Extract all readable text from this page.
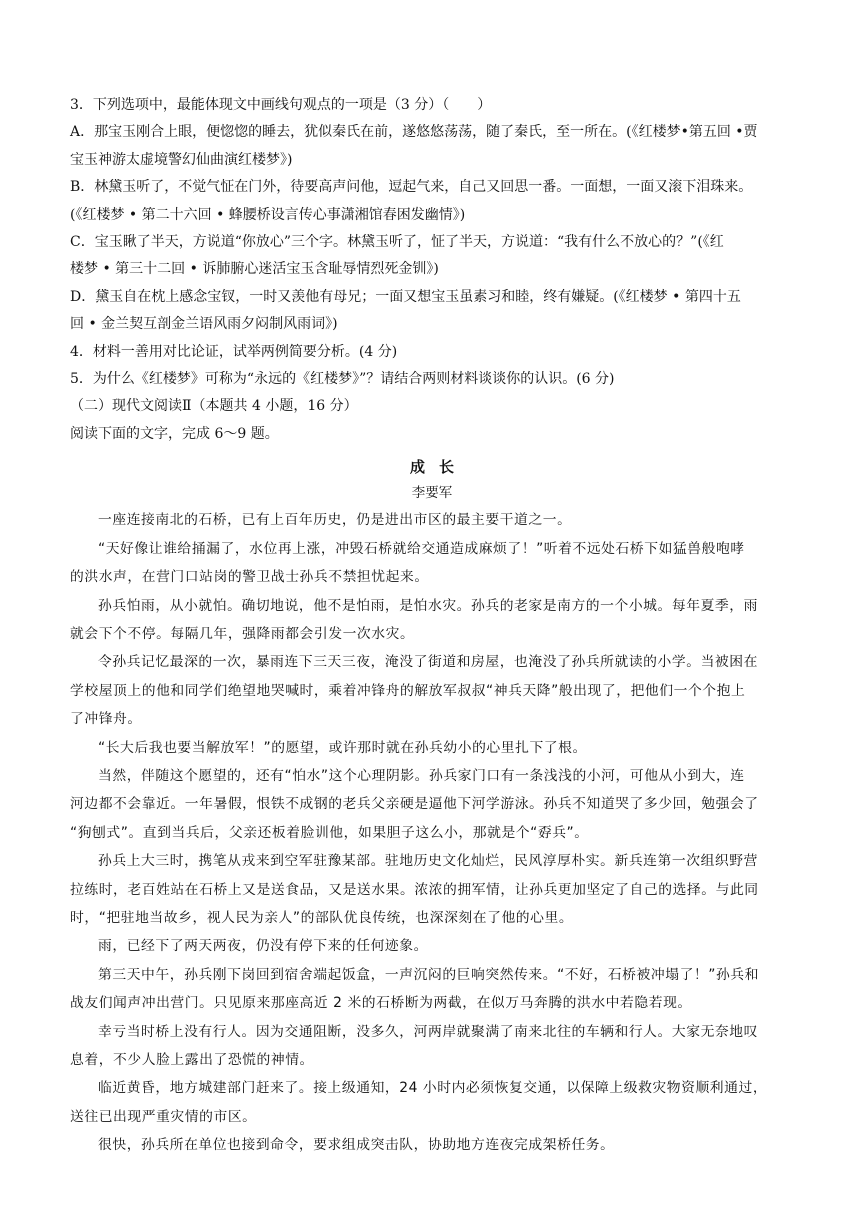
3．下列选项中，最能体现文中画线句观点的一项是（3 分）（　　）

A．那宝玉刚合上眼，便惚惚的睡去，犹似秦氏在前，遂悠悠荡荡，随了秦氏，至一所在。(《红楼梦•第五回 •贾

宝玉神游太虚境警幻仙曲演红楼梦》)

B．林黛玉听了，不觉气怔在门外，待要高声问他，逗起气来，自己又回思一番。一面想，一面又滚下泪珠来。

(《红楼梦 • 第二十六回 • 蜂腰桥设言传心事潇湘馆春困发幽情》)

C．宝玉瞅了半天，方说道“你放心”三个字。林黛玉听了，怔了半天，方说道：“我有什么不放心的？”(《红

楼梦 • 第三十二回 • 诉肺腑心迷活宝玉含耻辱情烈死金钏》)

D．黛玉自在枕上感念宝钗，一时又羡他有母兄；一面又想宝玉虽素习和睦，终有嫌疑。(《红楼梦 • 第四十五

回 • 金兰契互剖金兰语风雨夕闷制风雨词》)

4．材料一善用对比论证，试举两例简要分析。(4 分)

5．为什么《红楼梦》可称为“永远的《红楼梦》”？请结合两则材料谈谈你的认识。(6 分)

（二）现代文阅读Ⅱ（本题共 4 小题，16 分）

阅读下面的文字，完成 6～9 题。

成长

李要军

一座连接南北的石桥，已有上百年历史，仍是进出市区的最主要干道之一。

“天好像让谁给捅漏了，水位再上涨，冲毁石桥就给交通造成麻烦了！”听着不远处石桥下如猛兽般咆哮

的洪水声，在营门口站岗的警卫战士孙兵不禁担忧起来。

孙兵怕雨，从小就怕。确切地说，他不是怕雨，是怕水灾。孙兵的老家是南方的一个小城。每年夏季，雨

就会下个不停。每隔几年，强降雨都会引发一次水灾。

令孙兵记忆最深的一次，暴雨连下三天三夜，淹没了街道和房屋，也淹没了孙兵所就读的小学。当被困在

学校屋顶上的他和同学们绝望地哭喊时，乘着冲锋舟的解放军叔叔“神兵天降”般出现了，把他们一个个抱上

了冲锋舟。

“长大后我也要当解放军！”的愿望，或许那时就在孙兵幼小的心里扎下了根。

当然，伴随这个愿望的，还有“怕水”这个心理阴影。孙兵家门口有一条浅浅的小河，可他从小到大，连

河边都不会靠近。一年暑假，恨铁不成钢的老兵父亲硬是逼他下河学游泳。孙兵不知道哭了多少回，勉强会了

“狗刨式”。直到当兵后，父亲还板着脸训他，如果胆子这么小，那就是个“孬兵”。

孙兵上大三时，携笔从戎来到空军驻豫某部。驻地历史文化灿烂，民风淳厚朴实。新兵连第一次组织野营

拉练时，老百姓站在石桥上又是送食品，又是送水果。浓浓的拥军情，让孙兵更加坚定了自己的选择。与此同

时，“把驻地当故乡，视人民为亲人”的部队优良传统，也深深刻在了他的心里。

雨，已经下了两天两夜，仍没有停下来的任何迹象。

第三天中午，孙兵刚下岗回到宿舍端起饭盒，一声沉闷的巨响突然传来。“不好，石桥被冲塌了！”孙兵和

战友们闻声冲出营门。只见原来那座高近 2 米的石桥断为两截，在似万马奔腾的洪水中若隐若现。

幸亏当时桥上没有行人。因为交通阻断，没多久，河两岸就聚满了南来北往的车辆和行人。大家无奈地叹

息着，不少人脸上露出了恐慌的神情。

临近黄昏，地方城建部门赶来了。接上级通知，24 小时内必须恢复交通，以保障上级救灾物资顺利通过，

送往已出现严重灾情的市区。

很快，孙兵所在单位也接到命令，要求组成突击队，协助地方连夜完成架桥任务。
